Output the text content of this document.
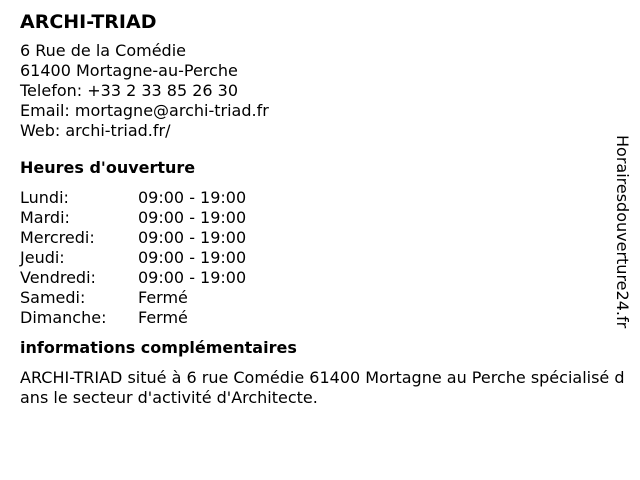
ARCHI-TRIAD
6 Rue de la Comédie
61400 Mortagne-au-Perche
Telefon: +33 2 33 85 26 30
Email: mortagne@archi-triad.fr
Web: archi-triad.fr/
Heures d'ouverture
Lundi:	09:00 - 19:00
Mardi:	09:00 - 19:00
Mercredi:	09:00 - 19:00
Jeudi:	09:00 - 19:00
Vendredi:	09:00 - 19:00
Samedi:	Fermé
Dimanche:	Fermé
informations complémentaires
ARCHI-TRIAD situé à 6 rue Comédie 61400 Mortagne au Perche spécialisé dans le secteur d'activité d'Architecte.
Horairesdouverture24.fr
